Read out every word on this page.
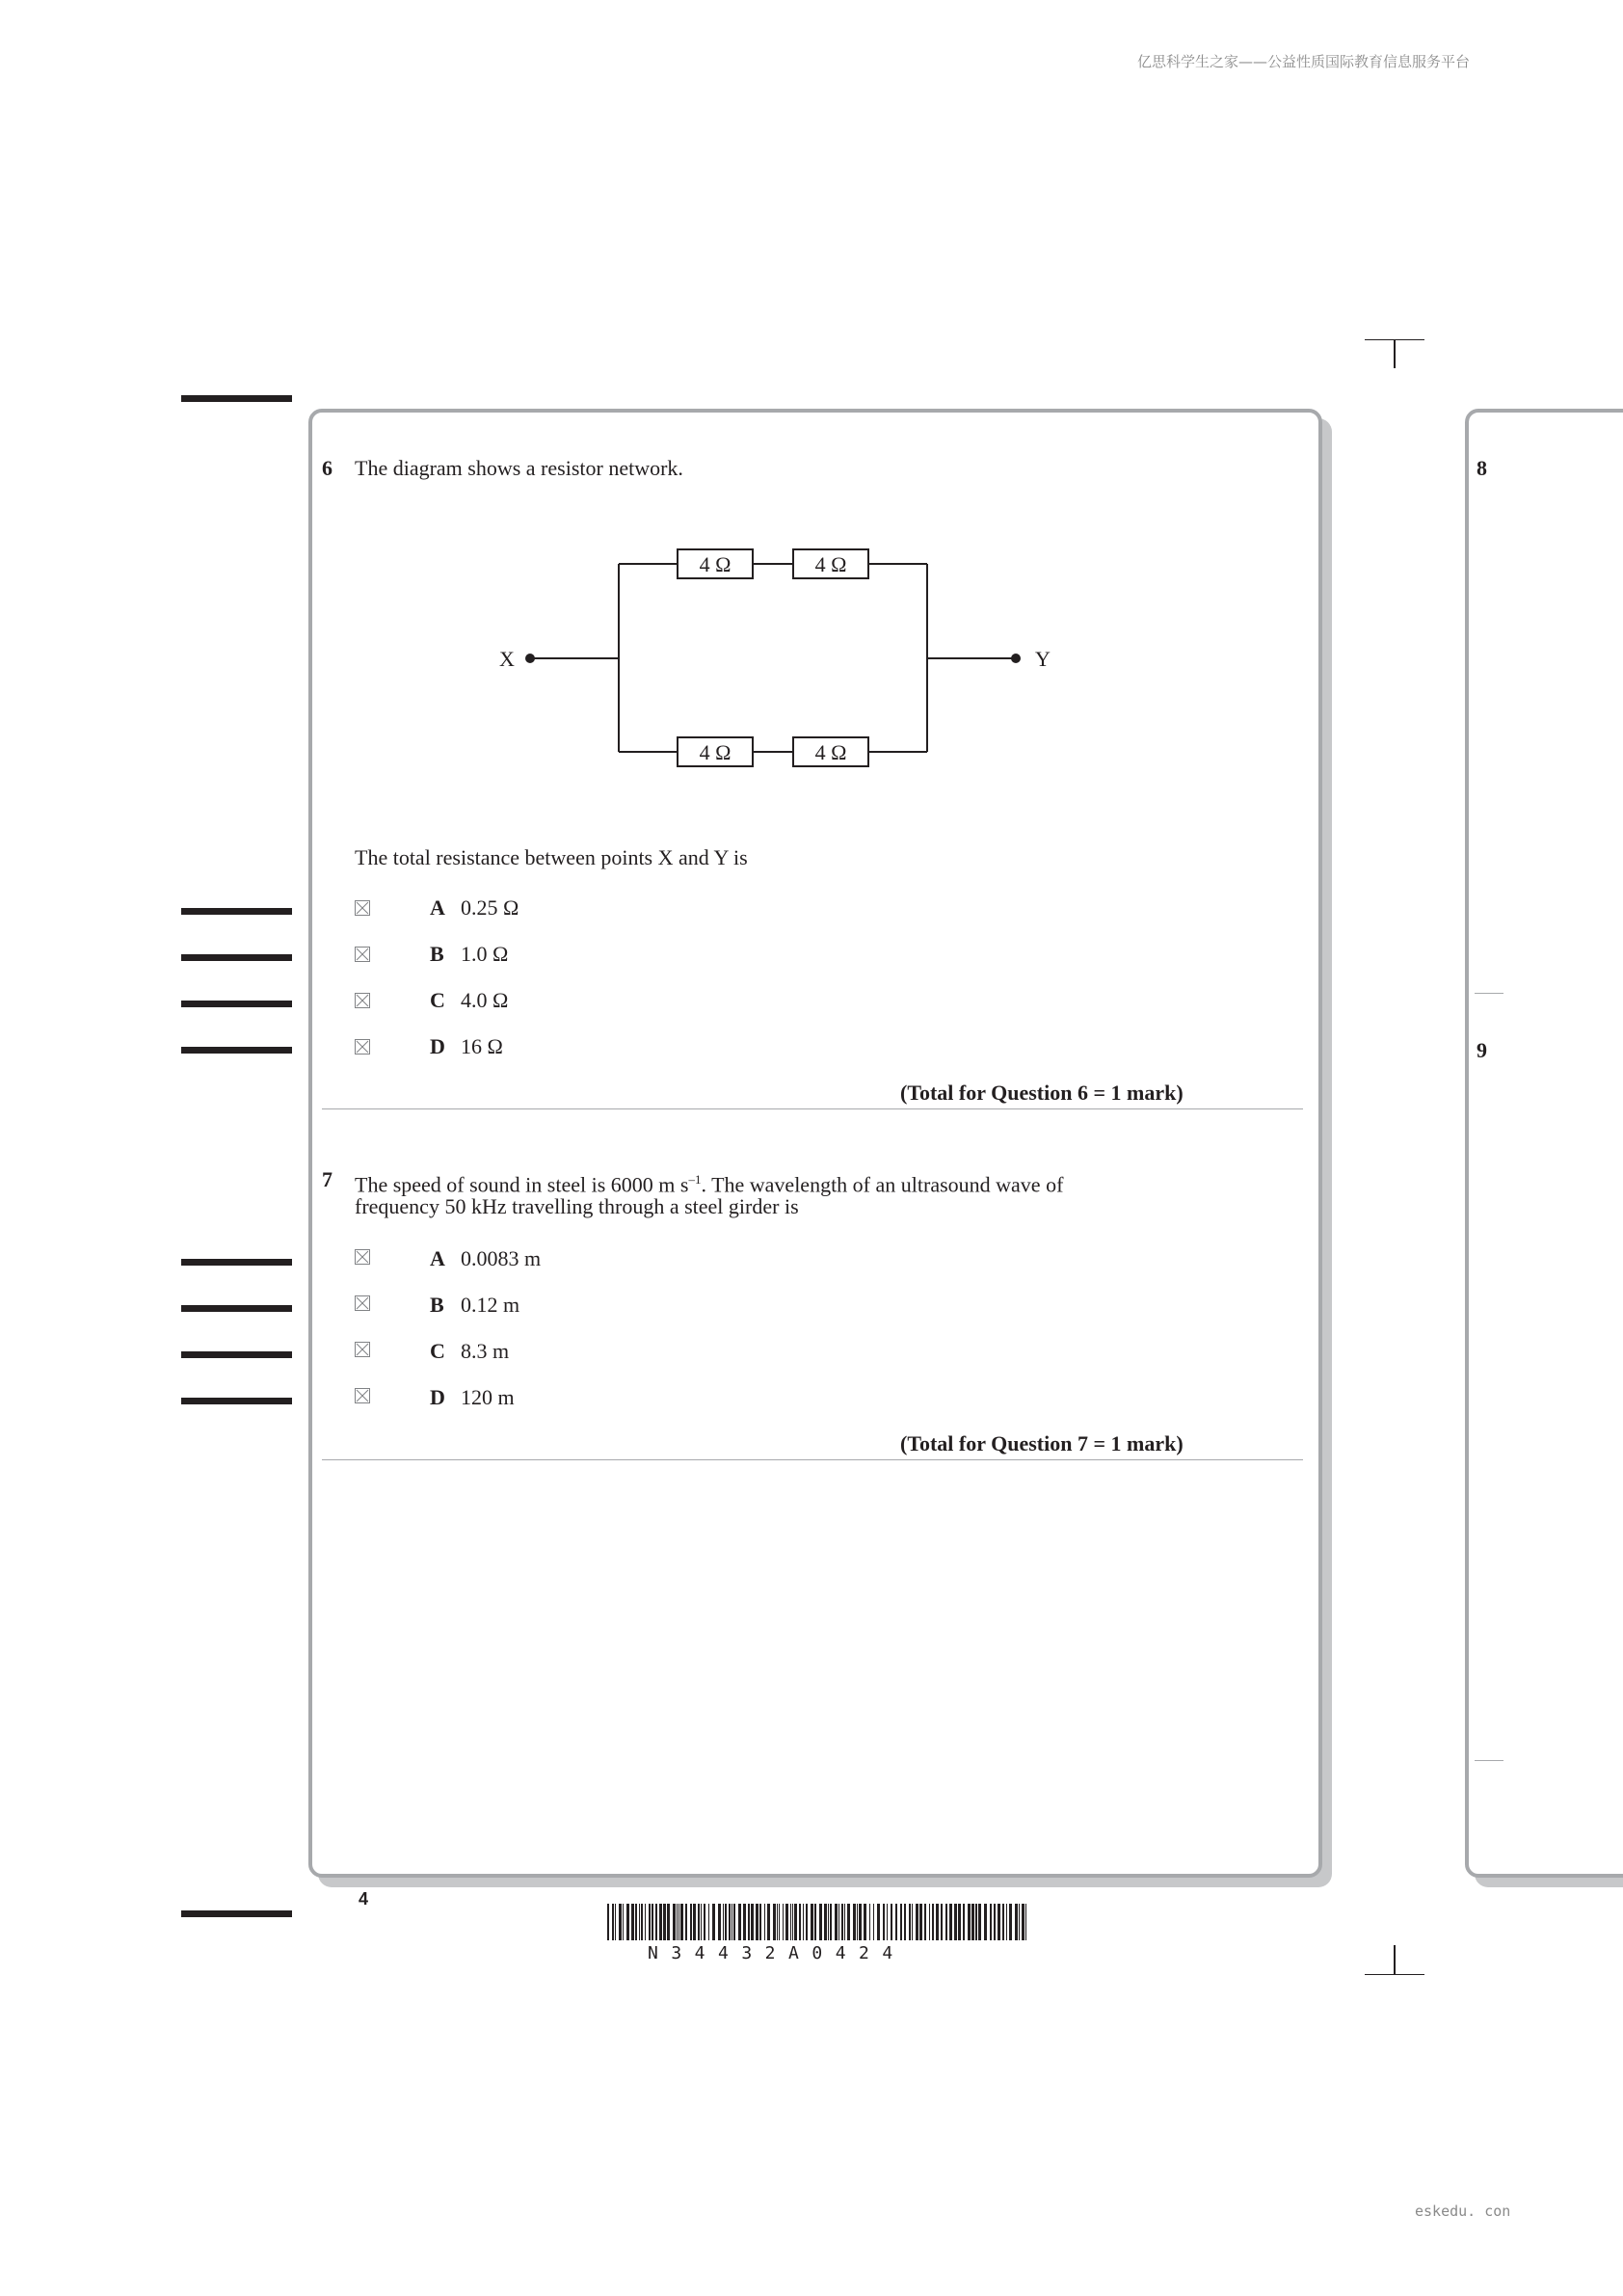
亿思科学生之家——公益性质国际教育信息服务平台
eskedu. con
8
9
6 The diagram shows a resistor network.
4 Ω	4 Ω
4 Ω	4 Ω
X	Y
The total resistance between points X and Y is
A 0.25 Ω
B 1.0 Ω
C 4.0 Ω
D 16 Ω
(Total for Question 6 = 1 mark)
7 The speed of sound in steel is 6000 m $s^{-1}$. The wavelength of an ultrasound wave of
frequency 50 kHz travelling through a steel girder is
A 0.0083 m
B 0.12 m
C 8.3 m
D 120 m
(Total for Question 7 = 1 mark)
4
N34432A0424
